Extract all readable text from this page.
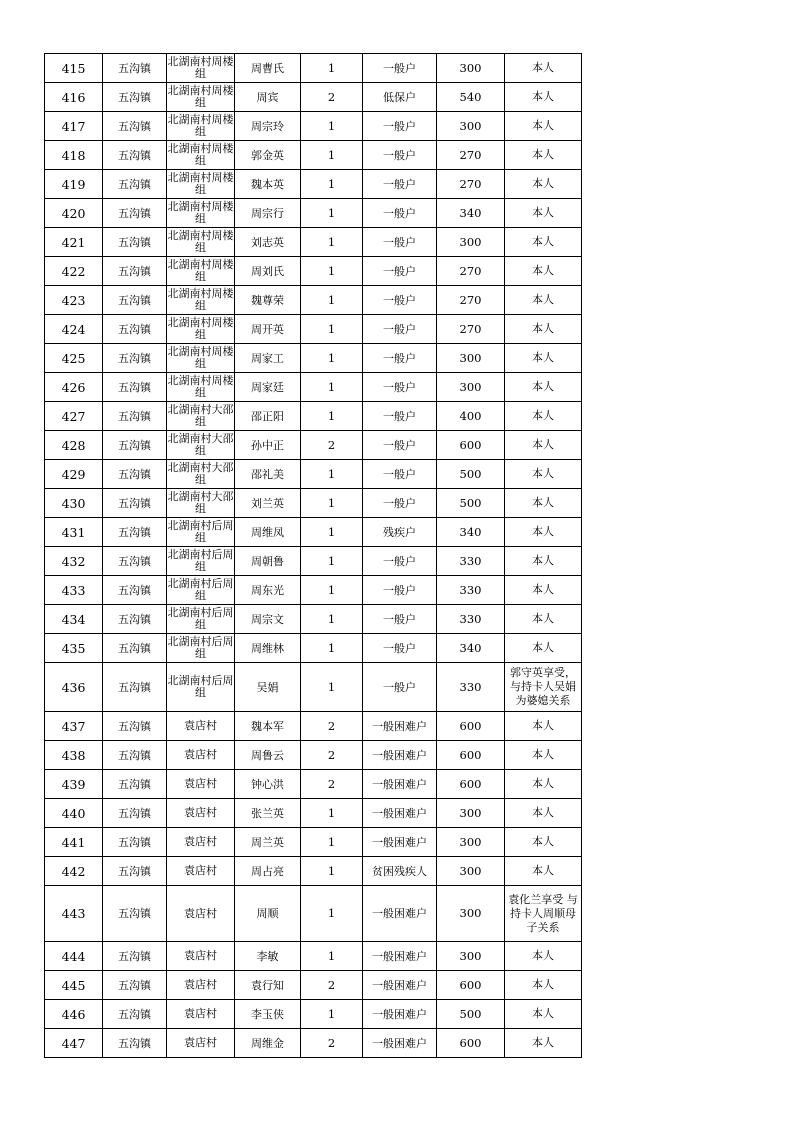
415	五沟镇	北湖南村周楼组	周曹氏	1	一般户	300	本人
416	五沟镇	北湖南村周楼组	周宾	2	低保户	540	本人
417	五沟镇	北湖南村周楼组	周宗玲	1	一般户	300	本人
418	五沟镇	北湖南村周楼组	郭金英	1	一般户	270	本人
419	五沟镇	北湖南村周楼组	魏本英	1	一般户	270	本人
420	五沟镇	北湖南村周楼组	周宗行	1	一般户	340	本人
421	五沟镇	北湖南村周楼组	刘志英	1	一般户	300	本人
422	五沟镇	北湖南村周楼组	周刘氏	1	一般户	270	本人
423	五沟镇	北湖南村周楼组	魏尊荣	1	一般户	270	本人
424	五沟镇	北湖南村周楼组	周开英	1	一般户	270	本人
425	五沟镇	北湖南村周楼组	周家工	1	一般户	300	本人
426	五沟镇	北湖南村周楼组	周家廷	1	一般户	300	本人
427	五沟镇	北湖南村大邵组	邵正阳	1	一般户	400	本人
428	五沟镇	北湖南村大邵组	孙中正	2	一般户	600	本人
429	五沟镇	北湖南村大邵组	邵礼美	1	一般户	500	本人
430	五沟镇	北湖南村大邵组	刘兰英	1	一般户	500	本人
431	五沟镇	北湖南村后周组	周维凤	1	残疾户	340	本人
432	五沟镇	北湖南村后周组	周朝鲁	1	一般户	330	本人
433	五沟镇	北湖南村后周组	周东光	1	一般户	330	本人
434	五沟镇	北湖南村后周组	周宗文	1	一般户	330	本人
435	五沟镇	北湖南村后周组	周维林	1	一般户	340	本人
436	五沟镇	北湖南村后周组	吴娟	1	一般户	330	郭守英享受，与持卡人吴娟为婆媳关系
437	五沟镇	袁店村	魏本军	2	一般困难户	600	本人
438	五沟镇	袁店村	周鲁云	2	一般困难户	600	本人
439	五沟镇	袁店村	钟心洪	2	一般困难户	600	本人
440	五沟镇	袁店村	张兰英	1	一般困难户	300	本人
441	五沟镇	袁店村	周兰英	1	一般困难户	300	本人
442	五沟镇	袁店村	周占亮	1	贫困残疾人	300	本人
443	五沟镇	袁店村	周顺	1	一般困难户	300	袁化兰享受 与持卡人周顺母子关系
444	五沟镇	袁店村	李敏	1	一般困难户	300	本人
445	五沟镇	袁店村	袁行知	2	一般困难户	600	本人
446	五沟镇	袁店村	李玉侠	1	一般困难户	500	本人
447	五沟镇	袁店村	周维金	2	一般困难户	600	本人
